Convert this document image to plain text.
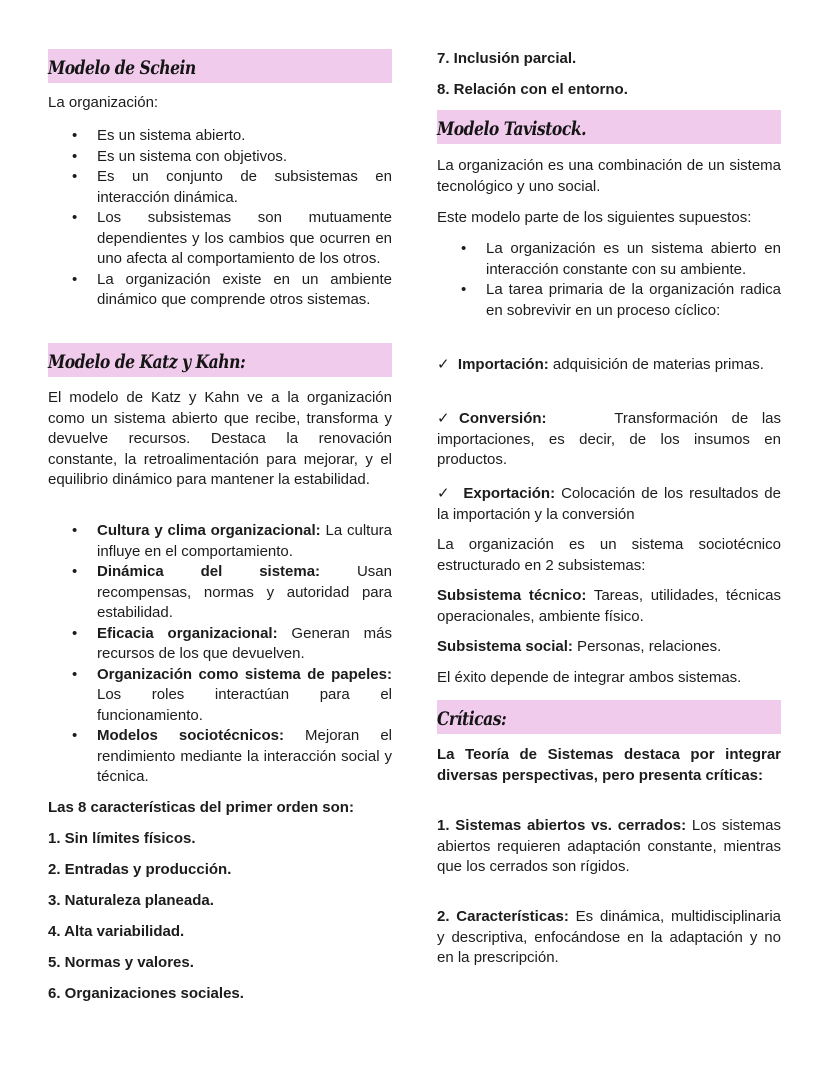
Modelo de Schein

La organización:

• Es un sistema abierto.
• Es un sistema con objetivos.
• Es un conjunto de subsistemas en interacción dinámica.
• Los subsistemas son mutuamente dependientes y los cambios que ocurren en uno afecta al comportamiento de los otros.
• La organización existe en un ambiente dinámico que comprende otros sistemas.
Modelo de Katz y Kahn:

El modelo de Katz y Kahn ve a la organización como un sistema abierto que recibe, transforma y devuelve recursos. Destaca la renovación constante, la retroalimentación para mejorar, y el equilibrio dinámico para mantener la estabilidad.

• Cultura y clima organizacional: La cultura influye en el comportamiento.
• Dinámica del sistema: Usan recompensas, normas y autoridad para estabilidad.
• Eficacia organizacional: Generan más recursos de los que devuelven.
• Organización como sistema de papeles: Los roles interactúan para el funcionamiento.
• Modelos sociotécnicos: Mejoran el rendimiento mediante la interacción social y técnica.

Las 8 características del primer orden son:

1. Sin límites físicos.

2. Entradas y producción.

3. Naturaleza planeada.

4. Alta variabilidad.

5. Normas y valores.

6. Organizaciones sociales.

7. Inclusión parcial.

8. Relación con el entorno.

Modelo Tavistock.

La organización es una combinación de un sistema tecnológico y uno social.

Este modelo parte de los siguientes supuestos:

• La organización es un sistema abierto en interacción constante con su ambiente.
• La tarea primaria de la organización radica en sobrevivir en un proceso cíclico:

✓ Importación: adquisición de materias primas.

✓Conversión:	Transformación de las importaciones, es decir, de los insumos en productos.

✓ Exportación: Colocación de los resultados de la importación y la conversión

La organización es un sistema sociotécnico estructurado en 2 subsistemas:

Subsistema técnico: Tareas, utilidades, técnicas operacionales, ambiente físico.

Subsistema social: Personas, relaciones.

El éxito depende de integrar ambos sistemas.

Críticas:

La Teoría de Sistemas destaca por integrar diversas perspectivas, pero presenta críticas:

1. Sistemas abiertos vs. cerrados: Los sistemas abiertos requieren adaptación constante, mientras que los cerrados son rígidos.

2. Características: Es dinámica, multidisciplinaria y descriptiva, enfocándose en la adaptación y no en la prescripción.
